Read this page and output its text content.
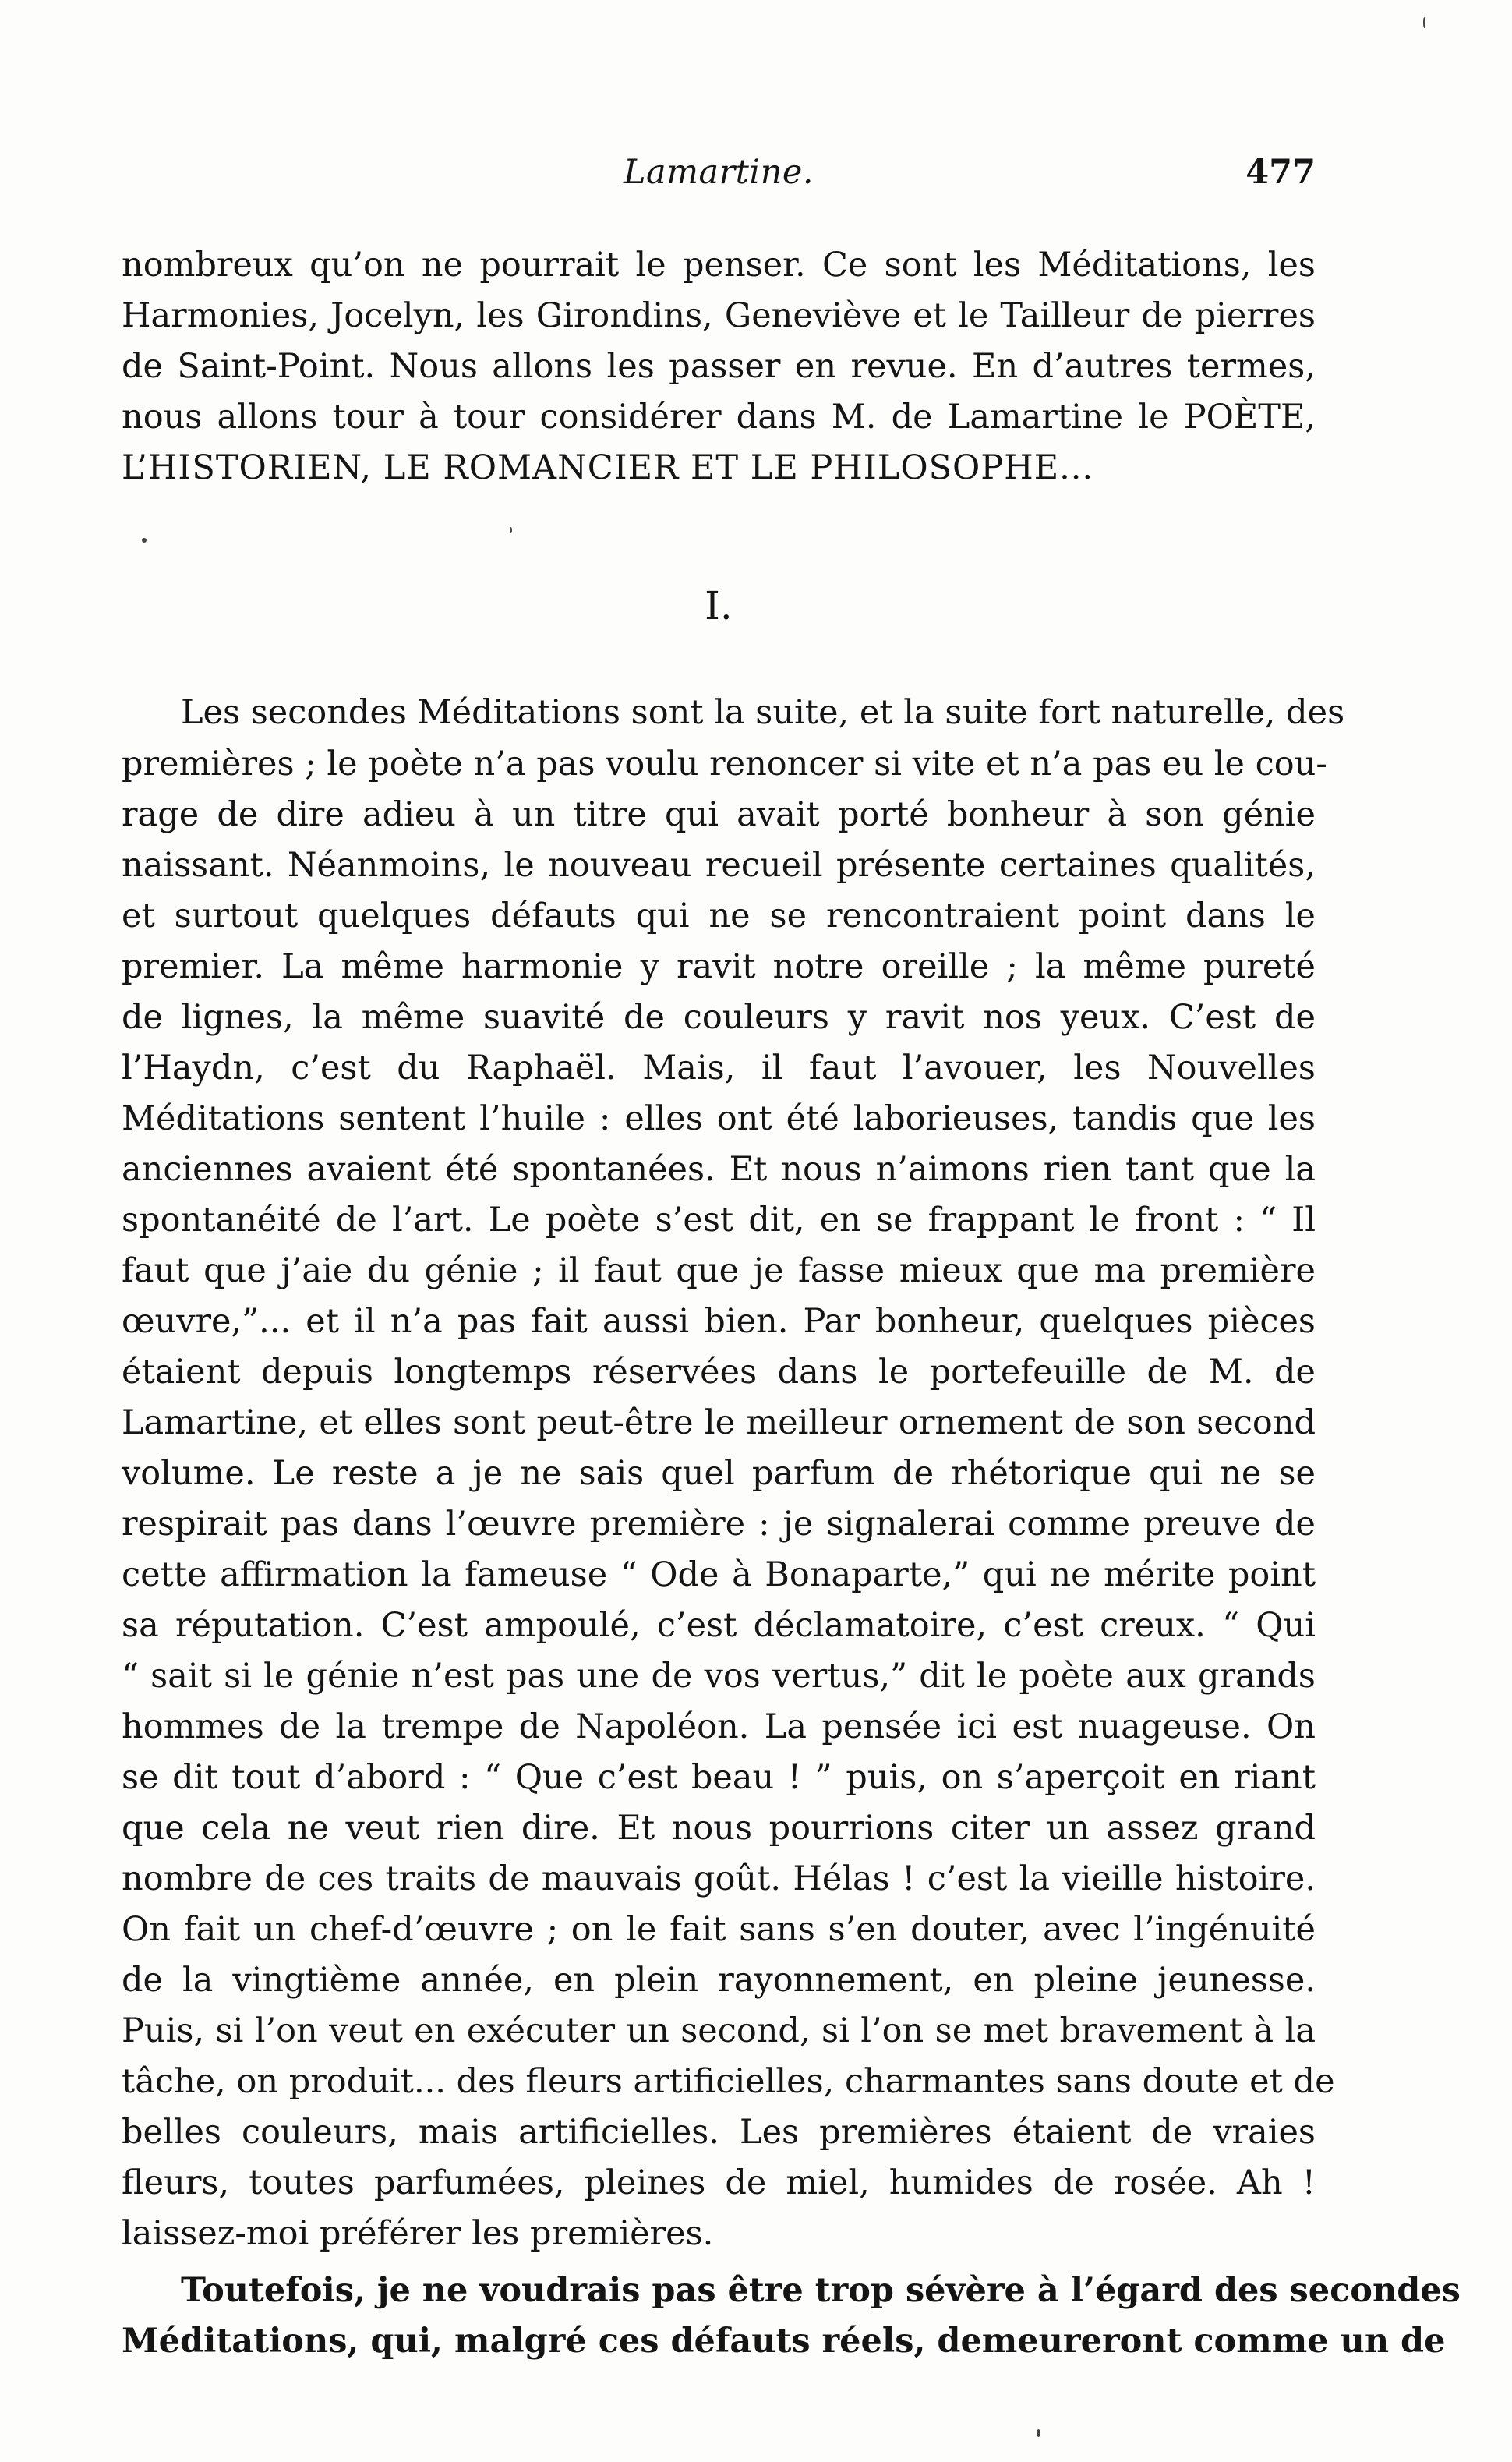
Lamartine.	477
nombreux qu’on ne pourrait le penser. Ce sont les Méditations, les
Harmonies, Jocelyn, les Girondins, Geneviève et le Tailleur de pierres
de Saint-Point. Nous allons les passer en revue. En d’autres termes,
nous allons tour à tour considérer dans M. de Lamartine le POÈTE,
L’HISTORIEN, LE ROMANCIER ET LE PHILOSOPHE...
I.
Les secondes Méditations sont la suite, et la suite fort naturelle, des
premières ; le poète n’a pas voulu renoncer si vite et n’a pas eu le cou-
rage de dire adieu à un titre qui avait porté bonheur à son génie
naissant. Néanmoins, le nouveau recueil présente certaines qualités,
et surtout quelques défauts qui ne se rencontraient point dans le
premier. La même harmonie y ravit notre oreille ; la même pureté
de lignes, la même suavité de couleurs y ravit nos yeux. C’est de
l’Haydn, c’est du Raphaël. Mais, il faut l’avouer, les Nouvelles
Méditations sentent l’huile : elles ont été laborieuses, tandis que les
anciennes avaient été spontanées. Et nous n’aimons rien tant que la
spontanéité de l’art. Le poète s’est dit, en se frappant le front : “ Il
faut que j’aie du génie ; il faut que je fasse mieux que ma première
œuvre,”... et il n’a pas fait aussi bien. Par bonheur, quelques pièces
étaient depuis longtemps réservées dans le portefeuille de M. de
Lamartine, et elles sont peut-être le meilleur ornement de son second
volume. Le reste a je ne sais quel parfum de rhétorique qui ne se
respirait pas dans l’œuvre première : je signalerai comme preuve de
cette affirmation la fameuse “ Ode à Bonaparte,” qui ne mérite point
sa réputation. C’est ampoulé, c’est déclamatoire, c’est creux. “ Qui
“ sait si le génie n’est pas une de vos vertus,” dit le poète aux grands
hommes de la trempe de Napoléon. La pensée ici est nuageuse. On
se dit tout d’abord : “ Que c’est beau ! ” puis, on s’aperçoit en riant
que cela ne veut rien dire. Et nous pourrions citer un assez grand
nombre de ces traits de mauvais goût. Hélas ! c’est la vieille histoire.
On fait un chef-d’œuvre ; on le fait sans s’en douter, avec l’ingénuité
de la vingtième année, en plein rayonnement, en pleine jeunesse.
Puis, si l’on veut en exécuter un second, si l’on se met bravement à la
tâche, on produit... des fleurs artificielles, charmantes sans doute et de
belles couleurs, mais artificielles. Les premières étaient de vraies
fleurs, toutes parfumées, pleines de miel, humides de rosée. Ah !
laissez-moi préférer les premières.
Toutefois, je ne voudrais pas être trop sévère à l’égard des secondes
Méditations, qui, malgré ces défauts réels, demeureront comme un de
